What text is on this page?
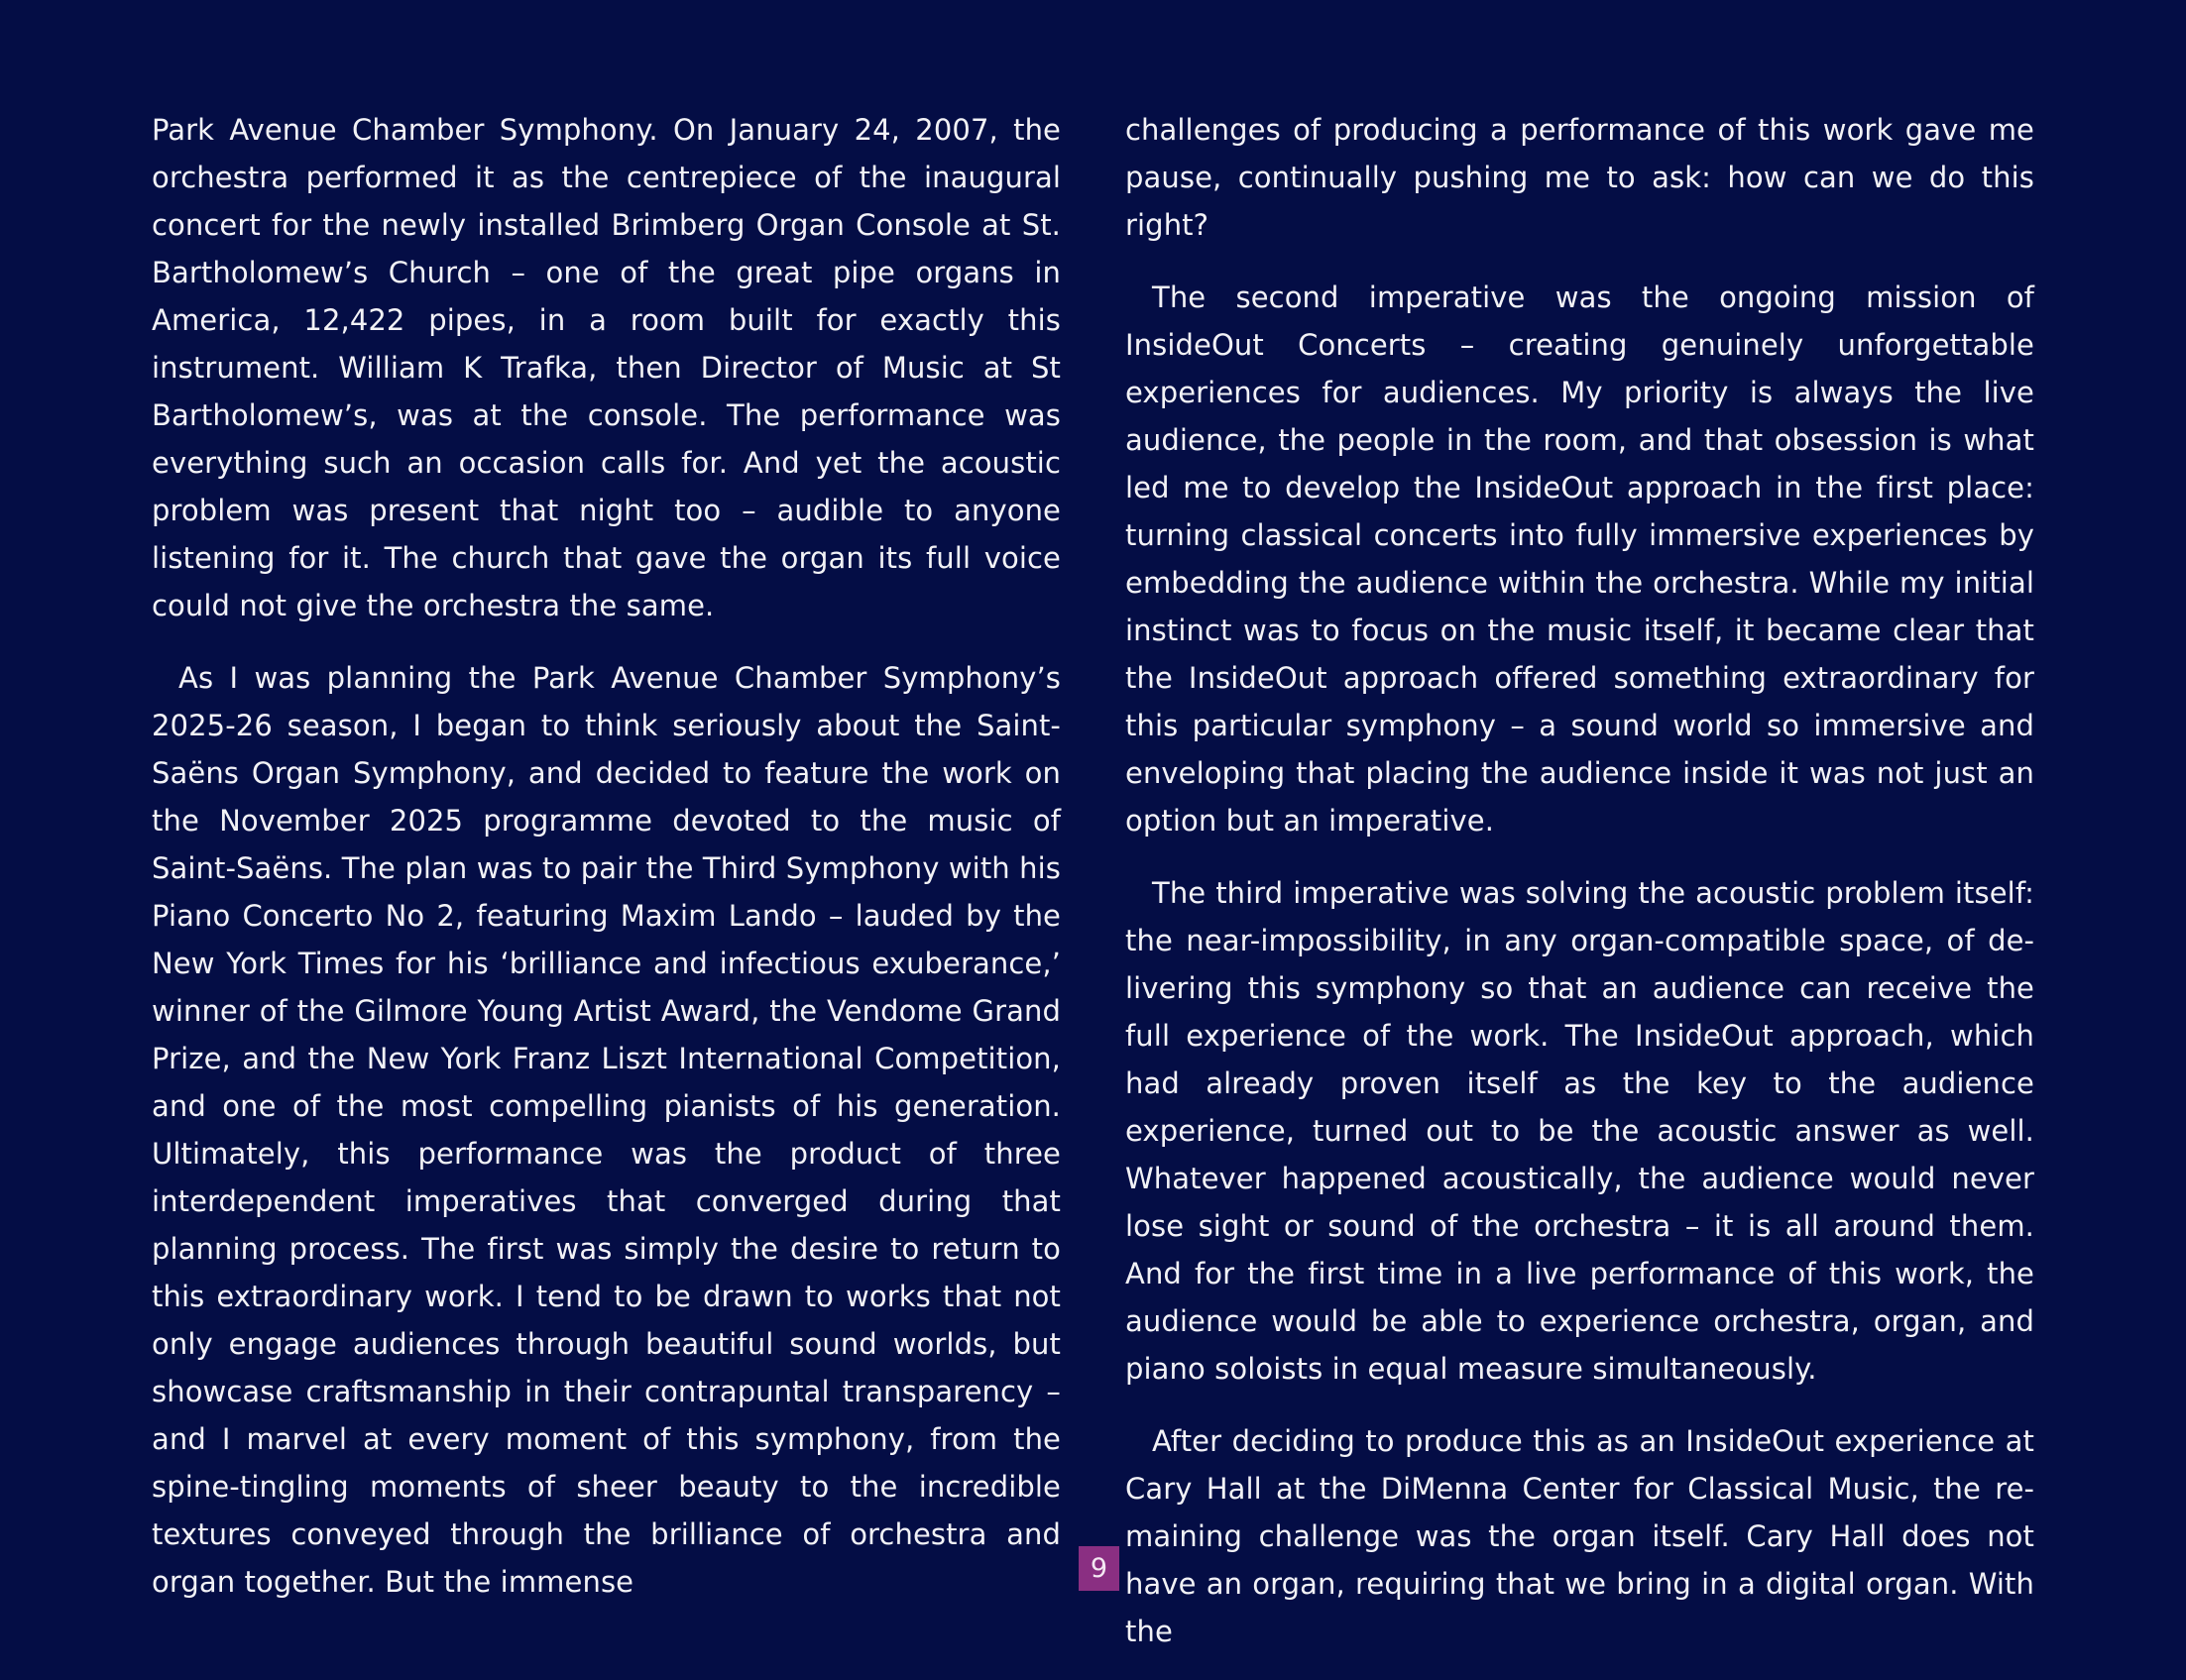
Park Avenue Chamber Symphony. On January 24, 2007, the orchestra performed it as the centrepiece of the inaugural concert for the newly installed Brimberg Organ Console at St. Bartholomew’s Church – one of the great pipe organs in America, 12,422 pipes, in a room built for exactly this instrument. William K Trafka, then Director of Music at St Bartholomew’s, was at the console. The performance was everything such an occasion calls for. And yet the acoustic problem was present that night too – audible to anyone listening for it. The church that gave the organ its full voice could not give the orchestra the same.

As I was planning the Park Avenue Chamber Symphony’s 2025-26 season, I began to think seriously about the Saint-Saëns Organ Symphony, and decided to feature the work on the November 2025 programme devoted to the music of Saint-Saëns. The plan was to pair the Third Symphony with his Piano Concerto No 2, featuring Maxim Lando – lauded by the New York Times for his ‘brilliance and infectious exuberance,’ winner of the Gilmore Young Artist Award, the Vendome Grand Prize, and the New York Franz Liszt International Competition, and one of the most compelling pianists of his generation. Ultimately, this performance was the product of three interdependent imperatives that converged during that planning process. The first was simply the desire to return to this extraordinary work. I tend to be drawn to works that not only engage audiences through beautiful sound worlds, but showcase craftsmanship in their contrapuntal transparency – and I marvel at every moment of this symphony, from the spine-tingling moments of sheer beauty to the incredible textures conveyed through the brilliance of orchestra and organ together. But the immense

challenges of producing a performance of this work gave me pause, continually pushing me to ask: how can we do this right?

The second imperative was the ongoing mission of InsideOut Concerts – creating genuinely unforgettable experiences for audiences. My priority is always the live audience, the people in the room, and that obsession is what led me to develop the InsideOut approach in the first place: turning classical concerts into fully immersive experiences by embedding the audience within the orchestra. While my initial instinct was to focus on the music itself, it became clear that the InsideOut approach offered something extraordinary for this particular symphony – a sound world so immersive and enveloping that placing the audience inside it was not just an option but an imperative.

The third imperative was solving the acoustic problem itself: the near-impossibility, in any organ-compatible space, of delivering this symphony so that an audience can receive the full experience of the work. The InsideOut approach, which had already proven itself as the key to the audience experience, turned out to be the acoustic answer as well. Whatever happened acoustically, the audience would never lose sight or sound of the orchestra – it is all around them. And for the first time in a live performance of this work, the audience would be able to experience orchestra, organ, and piano soloists in equal measure simultaneously.

After deciding to produce this as an InsideOut experience at Cary Hall at the DiMenna Center for Classical Music, the remaining challenge was the organ itself. Cary Hall does not have an organ, requiring that we bring in a digital organ. With the

9
